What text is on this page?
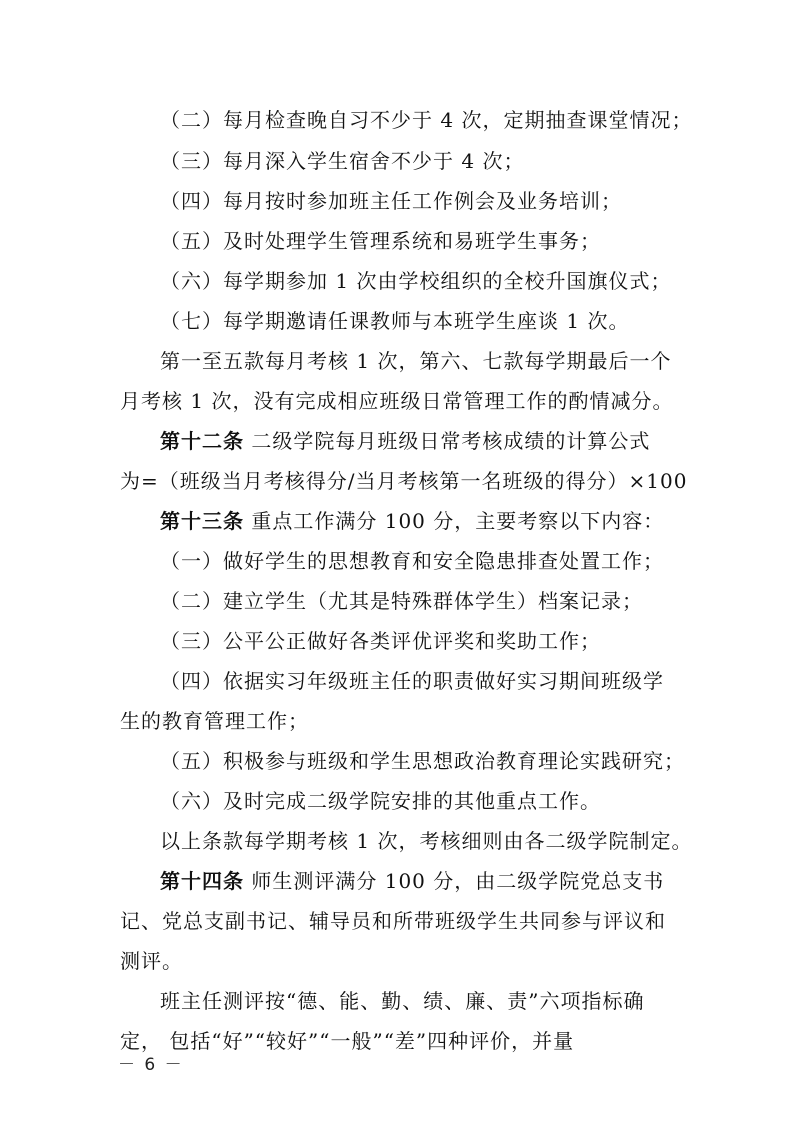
（二）每月检查晚自习不少于 4 次，定期抽查课堂情况；
（三）每月深入学生宿舍不少于 4 次；
（四）每月按时参加班主任工作例会及业务培训；
（五）及时处理学生管理系统和易班学生事务；
（六）每学期参加 1 次由学校组织的全校升国旗仪式；
（七）每学期邀请任课教师与本班学生座谈 1 次。
第一至五款每月考核 1 次，第六、七款每学期最后一个
月考核 1 次，没有完成相应班级日常管理工作的酌情减分。
第十二条 二级学院每月班级日常考核成绩的计算公式
为=（班级当月考核得分/当月考核第一名班级的得分）×100
第十三条 重点工作满分 100 分，主要考察以下内容：
（一）做好学生的思想教育和安全隐患排查处置工作；
（二）建立学生（尤其是特殊群体学生）档案记录；
（三）公平公正做好各类评优评奖和奖助工作；
（四）依据实习年级班主任的职责做好实习期间班级学
生的教育管理工作；
（五）积极参与班级和学生思想政治教育理论实践研究；
（六）及时完成二级学院安排的其他重点工作。
以上条款每学期考核 1 次，考核细则由各二级学院制定。
第十四条 师生测评满分 100 分，由二级学院党总支书
记、党总支副书记、辅导员和所带班级学生共同参与评议和
测评。
班主任测评按“德、能、勤、绩、廉、责”六项指标确
定， 包括“好”“较好”“一般”“差”四种评价，并量
－ 6 －
